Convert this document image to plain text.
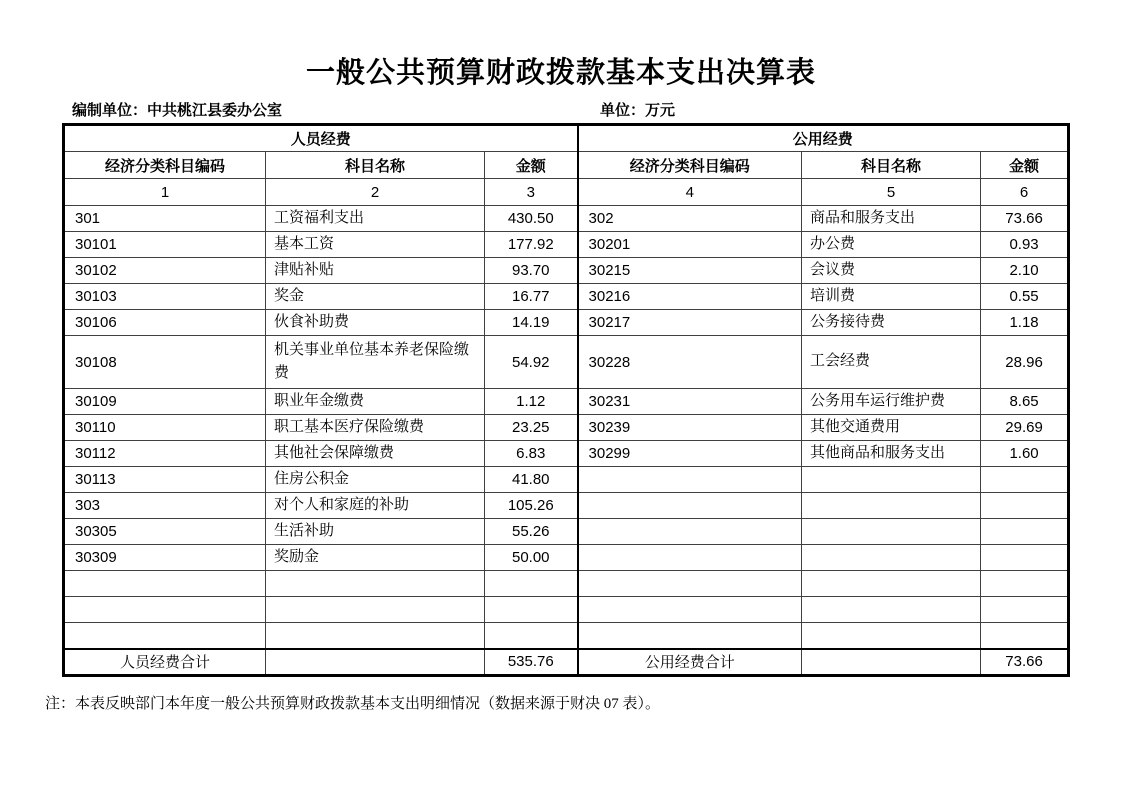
一般公共预算财政拨款基本支出决算表
编制单位：中共桃江县委办公室	单位：万元
人员经费			公用经费		
经济分类科目编码	科目名称	金额	经济分类科目编码	科目名称	金额
1	2	3	4	5	6
301	工资福利支出	430.50	302	商品和服务支出	73.66
30101	基本工资	177.92	30201	办公费	0.93
30102	津贴补贴	93.70	30215	会议费	2.10
30103	奖金	16.77	30216	培训费	0.55
30106	伙食补助费	14.19	30217	公务接待费	1.18
30108	机关事业单位基本养老保险缴费	54.92	30228	工会经费	28.96
30109	职业年金缴费	1.12	30231	公务用车运行维护费	8.65
30110	职工基本医疗保险缴费	23.25	30239	其他交通费用	29.69
30112	其他社会保障缴费	6.83	30299	其他商品和服务支出	1.60
30113	住房公积金	41.80			
303	对个人和家庭的补助	105.26			
30305	生活补助	55.26			
30309	奖励金	50.00			

人员经费合计		535.76	公用经费合计		73.66
注：本表反映部门本年度一般公共预算财政拨款基本支出明细情况（数据来源于财决 07 表）。
